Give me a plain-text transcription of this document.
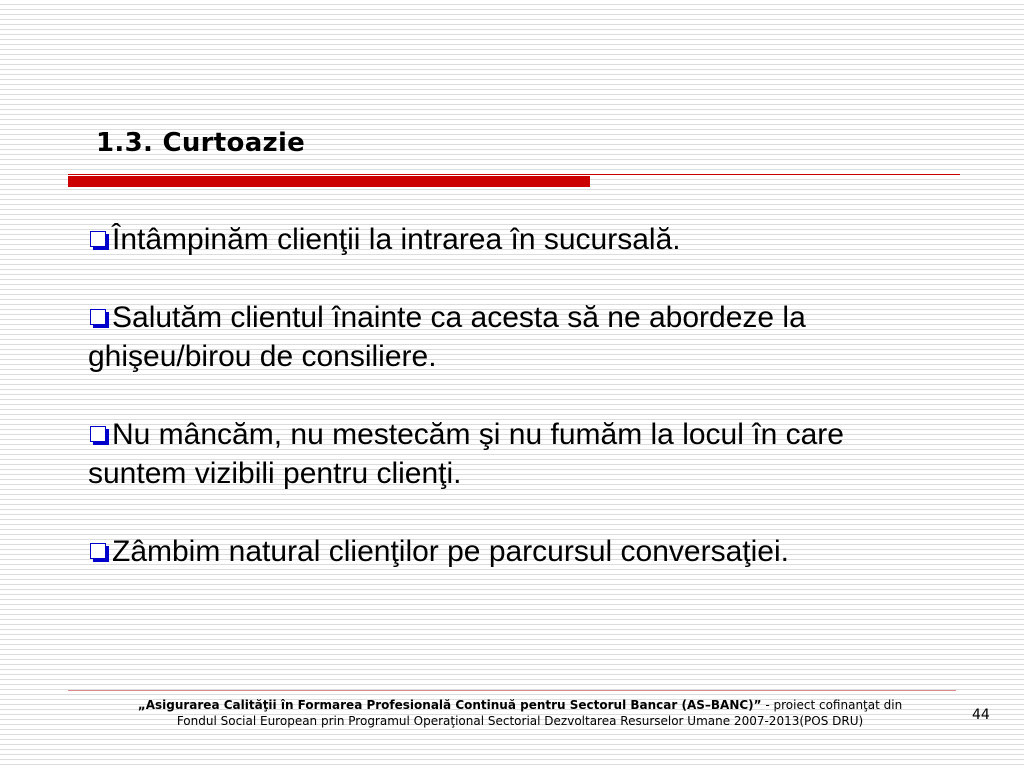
1.3. Curtoazie
Întâmpinăm clienţii la intrarea în sucursală.
Salutăm clientul înainte ca acesta să ne abordeze la ghişeu/birou de consiliere.
Nu mâncăm, nu mestecăm şi nu fumăm la locul în care suntem vizibili pentru clienţi.
Zâmbim natural clienţilor pe parcursul conversaţiei.
„Asigurarea Calităţii în Formarea Profesională Continuă pentru Sectorul Bancar (AS–BANC)” - proiect cofinanţat din
Fondul Social European prin Programul Operaţional Sectorial Dezvoltarea Resurselor Umane 2007-2013(POS DRU)	44
